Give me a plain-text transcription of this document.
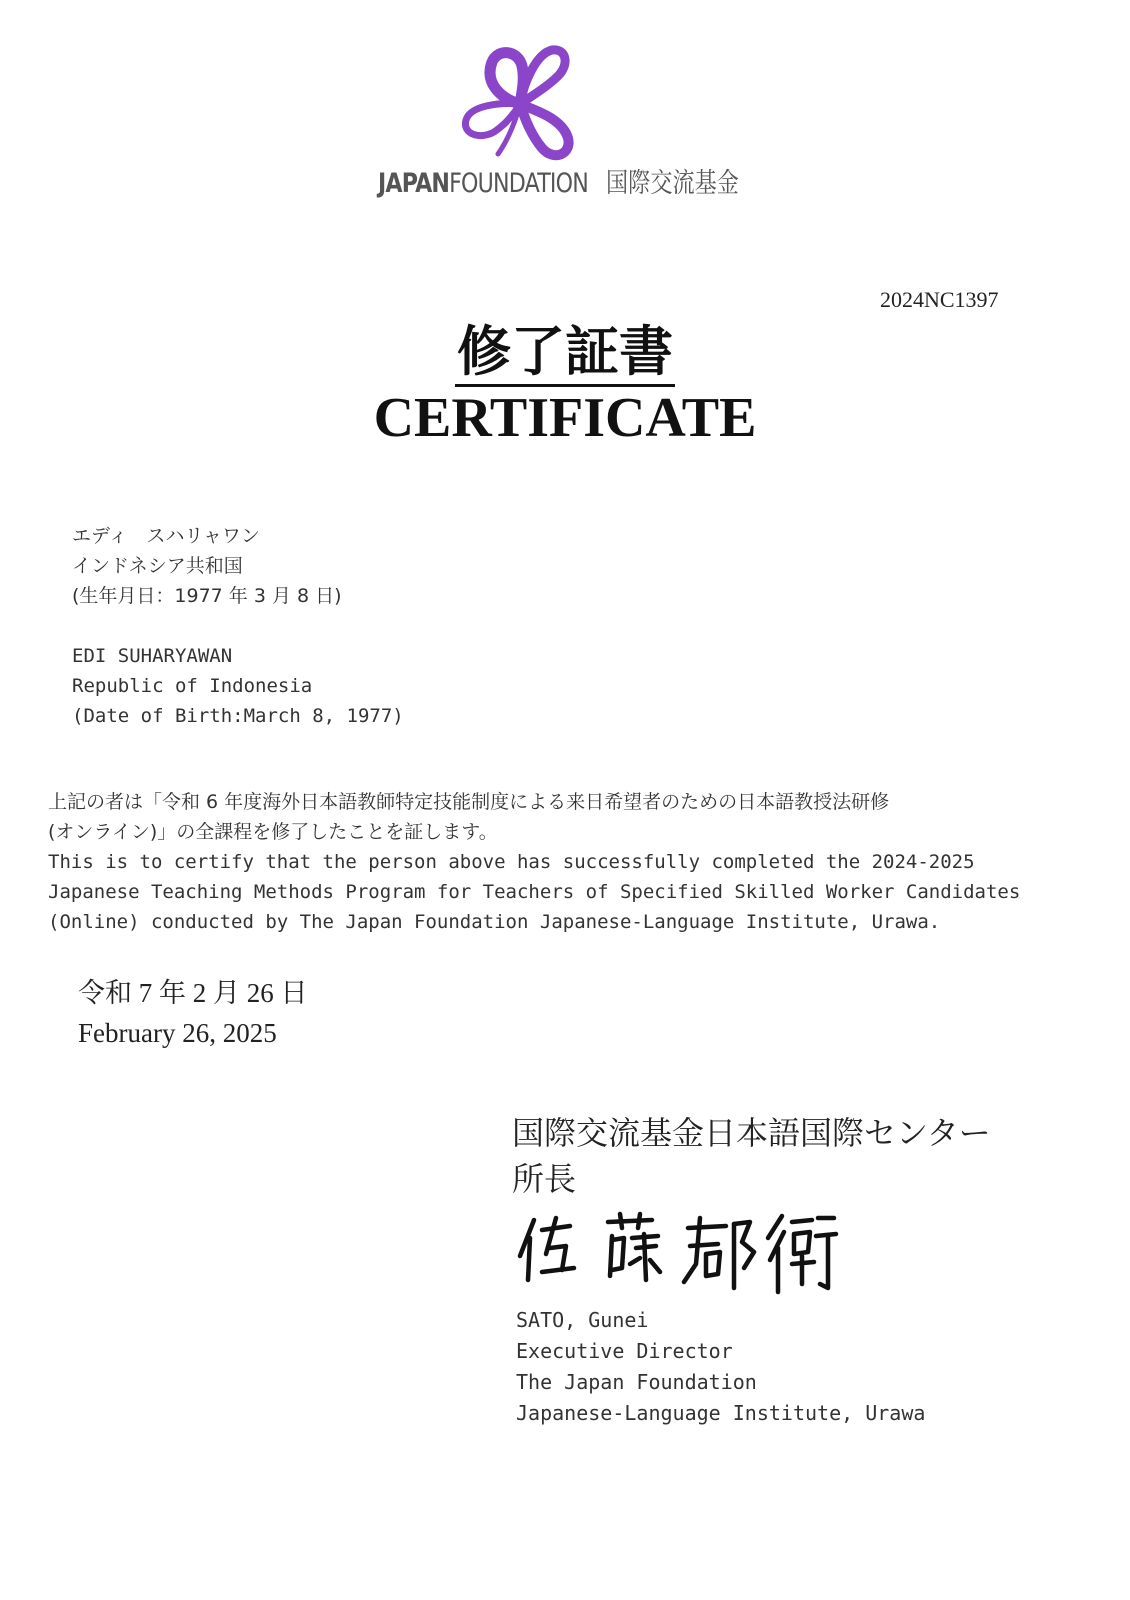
JAPANFOUNDATION 国際交流基金
2024NC1397
修了証書
CERTIFICATE
エディ　スハリャワン
インドネシア共和国
(生年月日：1977 年 3 月 8 日)
EDI SUHARYAWAN
Republic of Indonesia
(Date of Birth:March 8, 1977)
上記の者は「令和 6 年度海外日本語教師特定技能制度による来日希望者のための日本語教授法研修
(オンライン)」の全課程を修了したことを証します。
This is to certify that the person above has successfully completed the 2024-2025
Japanese Teaching Methods Program for Teachers of Specified Skilled Worker Candidates
(Online) conducted by The Japan Foundation Japanese-Language Institute, Urawa.
令和 7 年 2 月 26 日
February 26, 2025
国際交流基金日本語国際センター
所長
SATO, Gunei
Executive Director
The Japan Foundation
Japanese-Language Institute, Urawa
